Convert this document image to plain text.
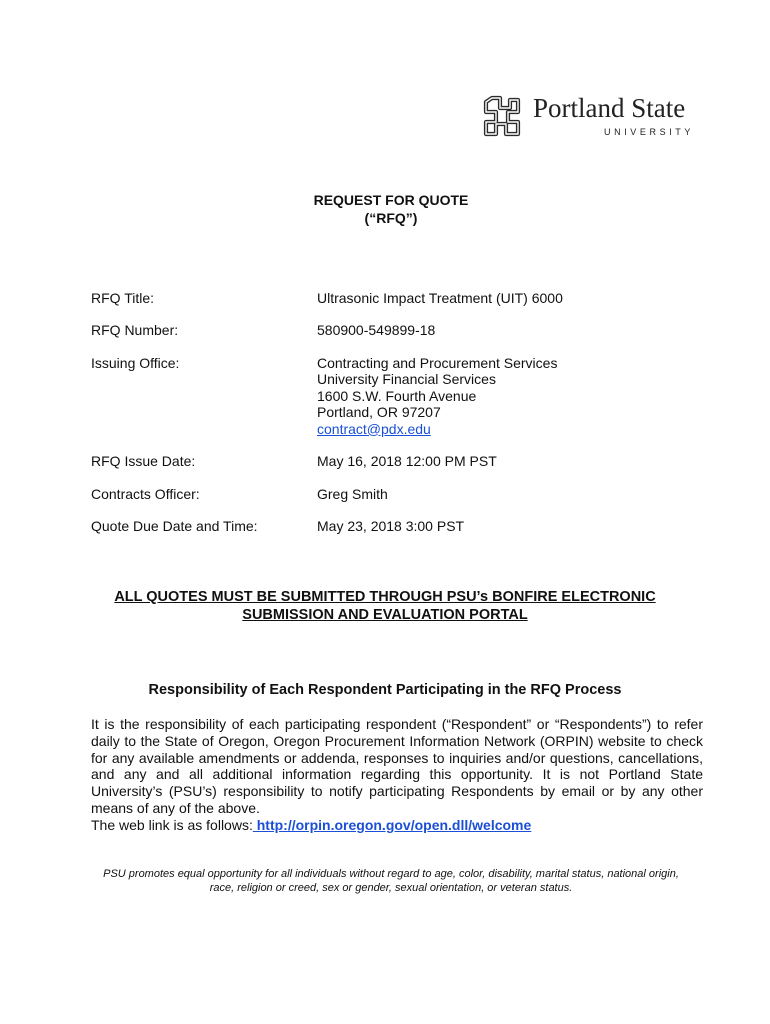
Portland State
UNIVERSITY
REQUEST FOR QUOTE
(“RFQ”)
RFQ Title:	Ultrasonic Impact Treatment (UIT) 6000
RFQ Number:	580900-549899-18
Issuing Office:	Contracting and Procurement Services
University Financial Services
1600 S.W. Fourth Avenue
Portland, OR 97207
contract@pdx.edu
RFQ Issue Date:	May 16, 2018 12:00 PM PST
Contracts Officer:	Greg Smith
Quote Due Date and Time:	May 23, 2018 3:00 PST
ALL QUOTES MUST BE SUBMITTED THROUGH PSU’s BONFIRE ELECTRONIC
SUBMISSION AND EVALUATION PORTAL
Responsibility of Each Respondent Participating in the RFQ Process
It is the responsibility of each participating respondent (“Respondent” or “Respondents”) to refer daily to the State of Oregon, Oregon Procurement Information Network (ORPIN) website to check for any available amendments or addenda, responses to inquiries and/or questions, cancellations, and any and all additional information regarding this opportunity. It is not Portland State University’s (PSU’s) responsibility to notify participating Respondents by email or by any other means of any of the above.
The web link is as follows: http://orpin.oregon.gov/open.dll/welcome
PSU promotes equal opportunity for all individuals without regard to age, color, disability, marital status, national origin,
race, religion or creed, sex or gender, sexual orientation, or veteran status.
